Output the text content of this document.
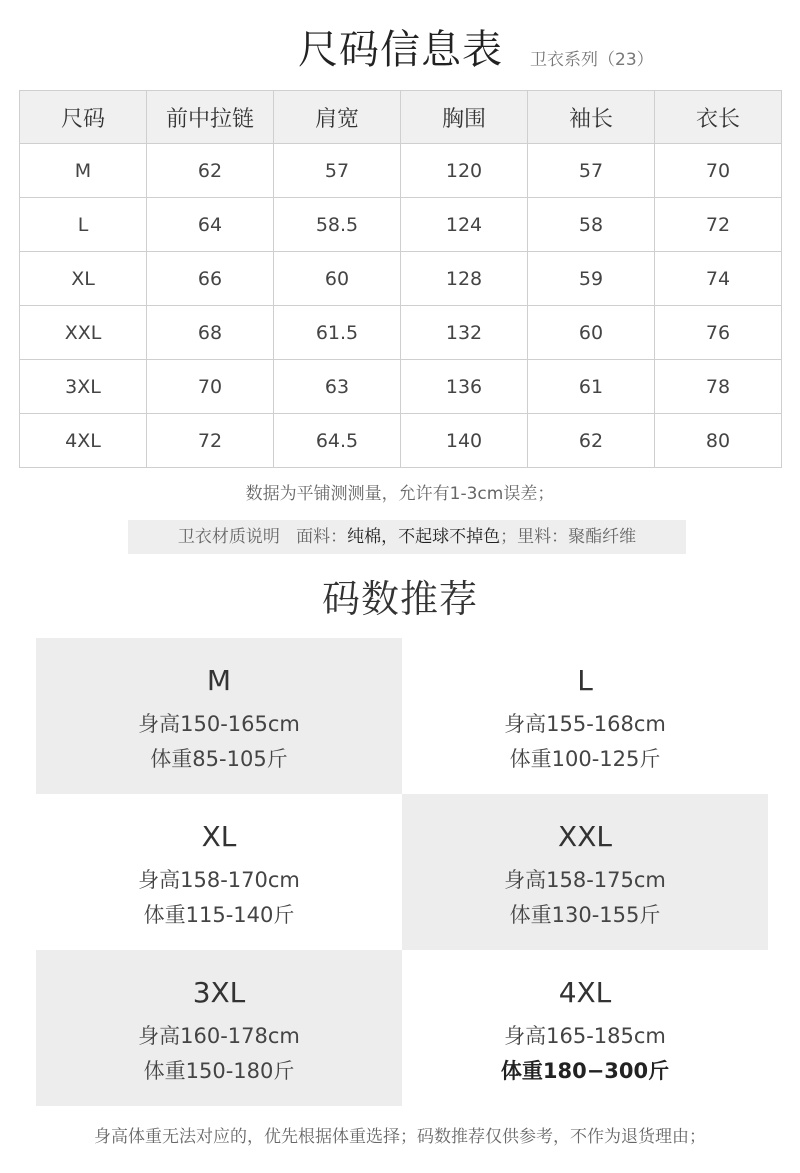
尺码信息表 卫衣系列（23）
尺码	前中拉链	肩宽	胸围	袖长	衣长
M	62	57	120	57	70
L	64	58.5	124	58	72
XL	66	60	128	59	74
XXL	68	61.5	132	60	76
3XL	70	63	136	61	78
4XL	72	64.5	140	62	80
数据为平铺测测量，允许有1-3cm误差；
卫衣材质说明 面料：纯棉，不起球不掉色；里料：聚酯纤维
码数推荐
M
身高150-165cm
体重85-105斤
L
身高155-168cm
体重100-125斤
XL
身高158-170cm
体重115-140斤
XXL
身高158-175cm
体重130-155斤
3XL
身高160-178cm
体重150-180斤
4XL
身高165-185cm
体重180−300斤
身高体重无法对应的，优先根据体重选择；码数推荐仅供参考，不作为退货理由；
